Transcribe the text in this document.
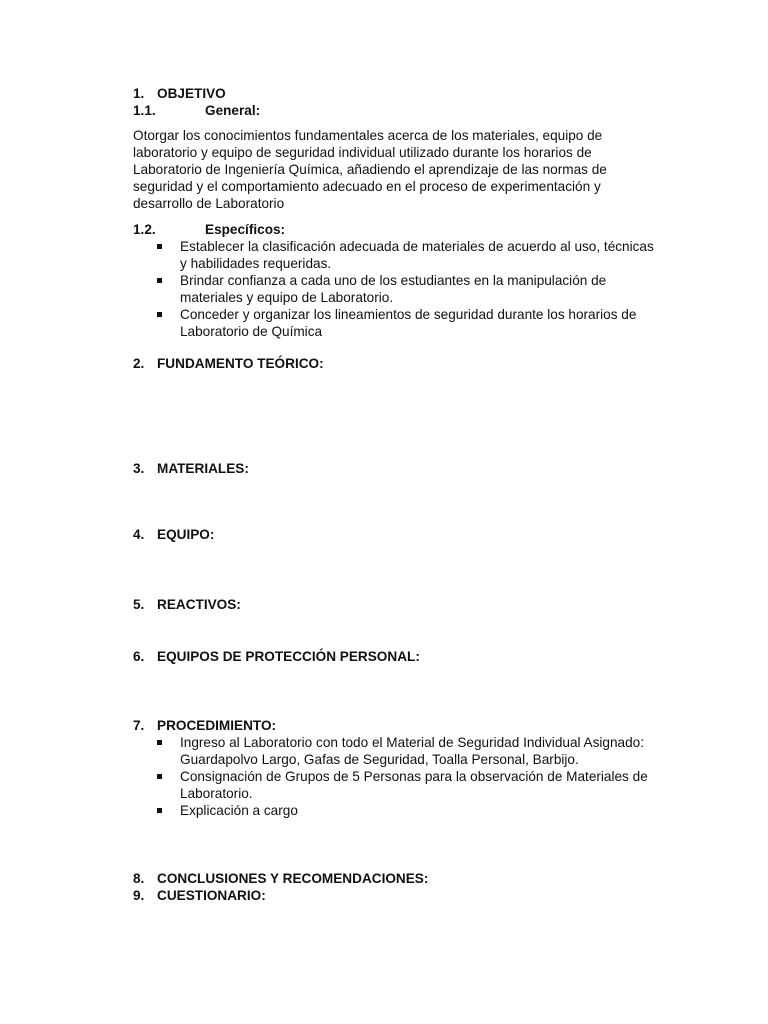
1. OBJETIVO
1.1.	General:
Otorgar los conocimientos fundamentales acerca de los materiales, equipo de laboratorio y equipo de seguridad individual utilizado durante los horarios de Laboratorio de Ingeniería Química, añadiendo el aprendizaje de las normas de seguridad y el comportamiento adecuado en el proceso de experimentación y desarrollo de Laboratorio
1.2.	Específicos:
Establecer la clasificación adecuada de materiales de acuerdo al uso, técnicas y habilidades requeridas.
Brindar confianza a cada uno de los estudiantes en la manipulación de materiales y equipo de Laboratorio.
Conceder y organizar los lineamientos de seguridad durante los horarios de Laboratorio de Química
2. FUNDAMENTO TEÓRICO:
3. MATERIALES:
4. EQUIPO:
5. REACTIVOS:
6. EQUIPOS DE PROTECCIÓN PERSONAL:
7. PROCEDIMIENTO:
Ingreso al Laboratorio con todo el Material de Seguridad Individual Asignado: Guardapolvo Largo, Gafas de Seguridad, Toalla Personal, Barbijo.
Consignación de Grupos de 5 Personas para la observación de Materiales de Laboratorio.
Explicación a cargo
8. CONCLUSIONES Y RECOMENDACIONES:
9. CUESTIONARIO:
